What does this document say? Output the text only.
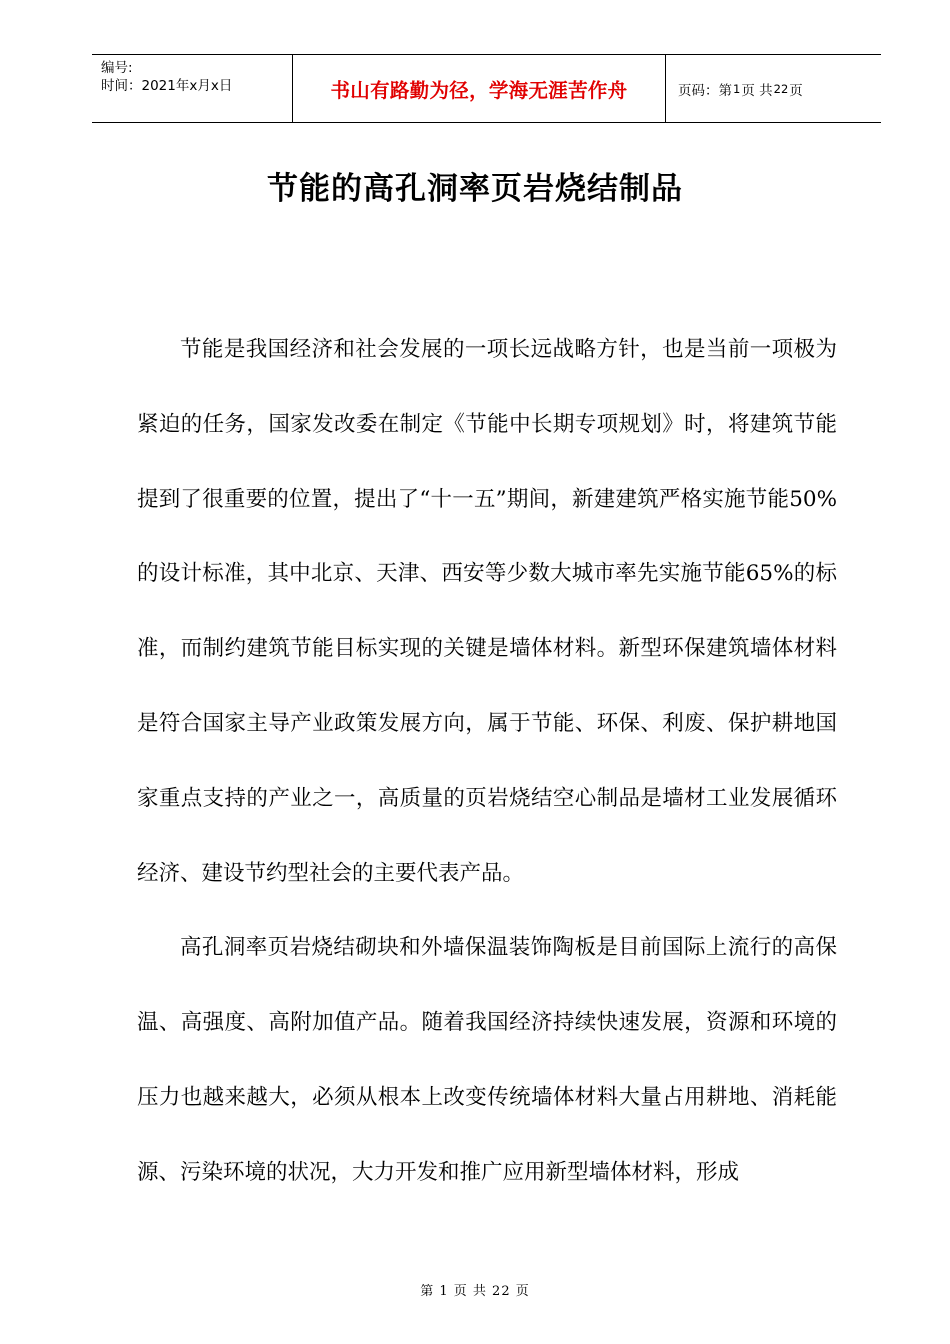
编号:
时间：2021年x月x日	书山有路勤为径，学海无涯苦作舟	页码：第 1 页 共 22 页
节能的高孔洞率页岩烧结制品

节能是我国经济和社会发展的一项长远战略方针，也是当前一项极为紧迫的任务，国家发改委在制定《节能中长期专项规划》时，将建筑节能提到了很重要的位置，提出了“十一五”期间，新建建筑严格实施节能50%的设计标准，其中北京、天津、西安等少数大城市率先实施节能65%的标准，而制约建筑节能目标实现的关键是墙体材料。新型环保建筑墙体材料是符合国家主导产业政策发展方向，属于节能、环保、利废、保护耕地国家重点支持的产业之一，高质量的页岩烧结空心制品是墙材工业发展循环经济、建设节约型社会的主要代表产品。

高孔洞率页岩烧结砌块和外墙保温装饰陶板是目前国际上流行的高保温、高强度、高附加值产品。随着我国经济持续快速发展，资源和环境的压力也越来越大，必须从根本上改变传统墙体材料大量占用耕地、消耗能源、污染环境的状况，大力开发和推广应用新型墙体材料，形成

第 1 页 共 22 页
